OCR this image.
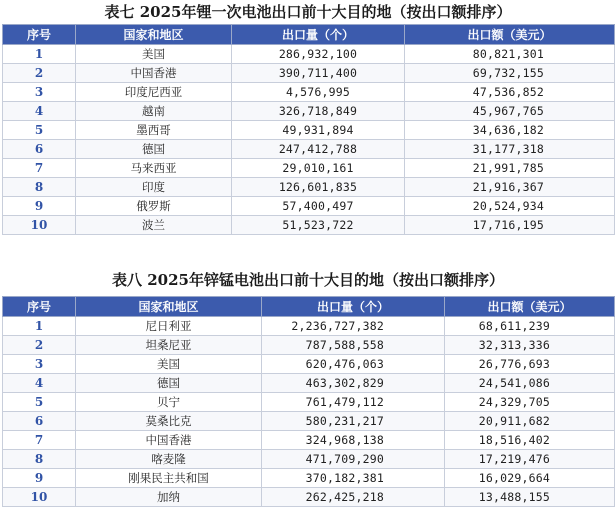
表七 2025年锂一次电池出口前十大目的地（按出口额排序）
序号	国家和地区	出口量（个）	出口额（美元）
1	美国	286,932,100	80,821,301
2	中国香港	390,711,400	69,732,155
3	印度尼西亚	4,576,995	47,536,852
4	越南	326,718,849	45,967,765
5	墨西哥	49,931,894	34,636,182
6	德国	247,412,788	31,177,318
7	马来西亚	29,010,161	21,991,785
8	印度	126,601,835	21,916,367
9	俄罗斯	57,400,497	20,524,934
10	波兰	51,523,722	17,716,195
表八 2025年锌锰电池出口前十大目的地（按出口额排序）
序号	国家和地区	出口量（个）	出口额（美元）
1	尼日利亚	2,236,727,382	68,611,239
2	坦桑尼亚	787,588,558	32,313,336
3	美国	620,476,063	26,776,693
4	德国	463,302,829	24,541,086
5	贝宁	761,479,112	24,329,705
6	莫桑比克	580,231,217	20,911,682
7	中国香港	324,968,138	18,516,402
8	喀麦隆	471,709,290	17,219,476
9	刚果民主共和国	370,182,381	16,029,664
10	加纳	262,425,218	13,488,155
